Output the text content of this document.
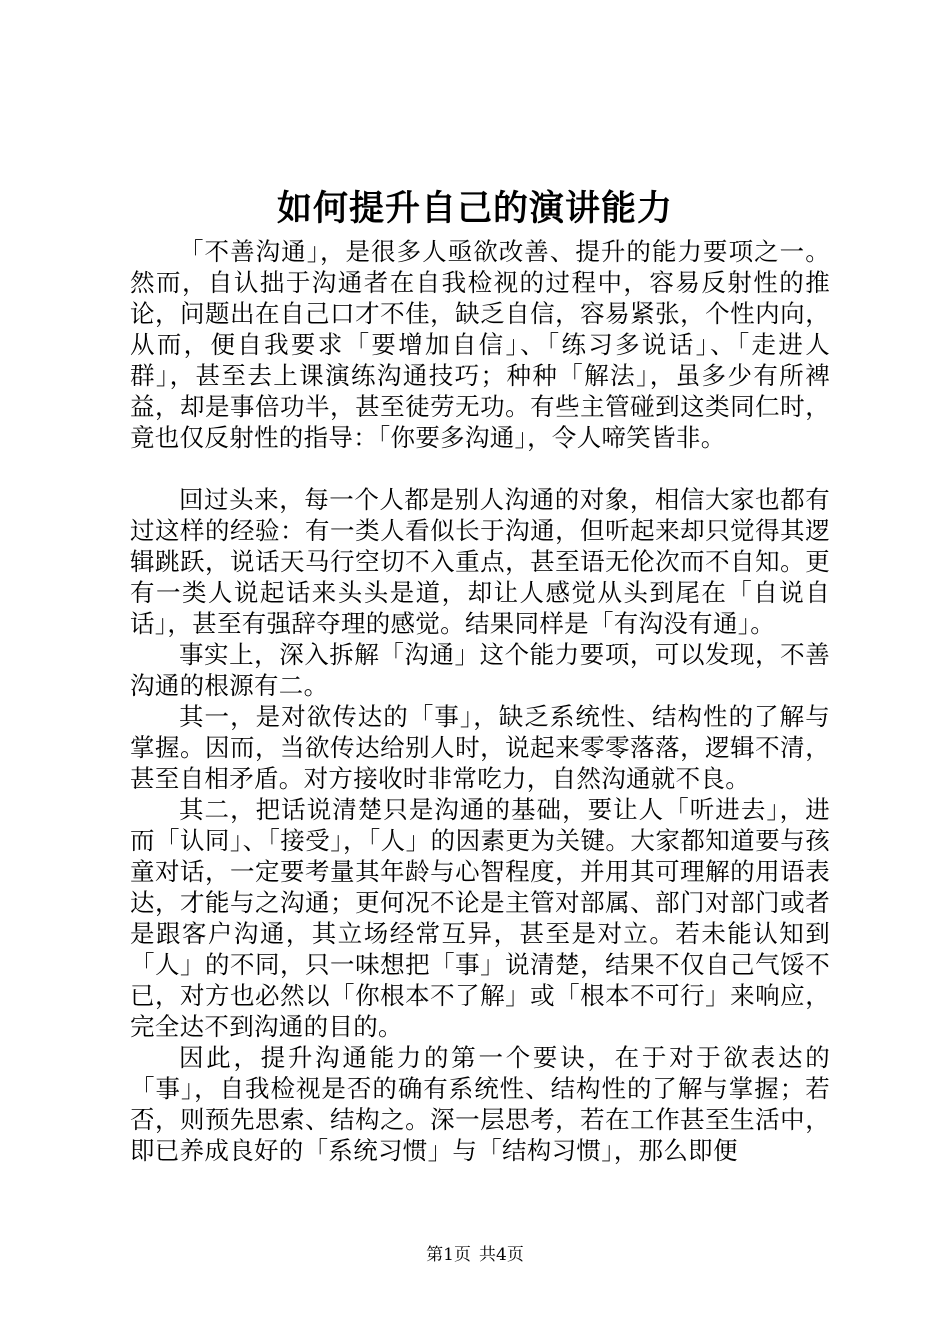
如何提升自己的演讲能力

「不善沟通」，是很多人亟欲改善、提升的能力要项之一。然而，自认拙于沟通者在自我检视的过程中，容易反射性的推论，问题出在自己口才不佳，缺乏自信，容易紧张，个性内向，从而，便自我要求「要增加自信」、「练习多说话」、「走进人群」，甚至去上课演练沟通技巧；种种「解法」，虽多少有所裨益，却是事倍功半，甚至徒劳无功。有些主管碰到这类同仁时，竟也仅反射性的指导：「你要多沟通」，令人啼笑皆非。

回过头来，每一个人都是别人沟通的对象，相信大家也都有过这样的经验：有一类人看似长于沟通，但听起来却只觉得其逻辑跳跃，说话天马行空切不入重点，甚至语无伦次而不自知。更有一类人说起话来头头是道，却让人感觉从头到尾在「自说自话」，甚至有强辞夺理的感觉。结果同样是「有沟没有通」。

事实上，深入拆解「沟通」这个能力要项，可以发现，不善沟通的根源有二。

其一，是对欲传达的「事」，缺乏系统性、结构性的了解与掌握。因而，当欲传达给别人时，说起来零零落落，逻辑不清，甚至自相矛盾。对方接收时非常吃力，自然沟通就不良。

其二，把话说清楚只是沟通的基础，要让人「听进去」，进而「认同」、「接受」，「人」的因素更为关键。大家都知道要与孩童对话，一定要考量其年龄与心智程度，并用其可理解的用语表达，才能与之沟通；更何况不论是主管对部属、部门对部门或者是跟客户沟通，其立场经常互异，甚至是对立。若未能认知到「人」的不同，只一味想把「事」说清楚，结果不仅自己气馁不已，对方也必然以「你根本不了解」或「根本不可行」来响应，完全达不到沟通的目的。

因此，提升沟通能力的第一个要诀，在于对于欲表达的「事」，自我检视是否的确有系统性、结构性的了解与掌握；若否，则预先思索、结构之。深一层思考，若在工作甚至生活中，即已养成良好的「系统习惯」与「结构习惯」，那么即便

第1页 共4页
